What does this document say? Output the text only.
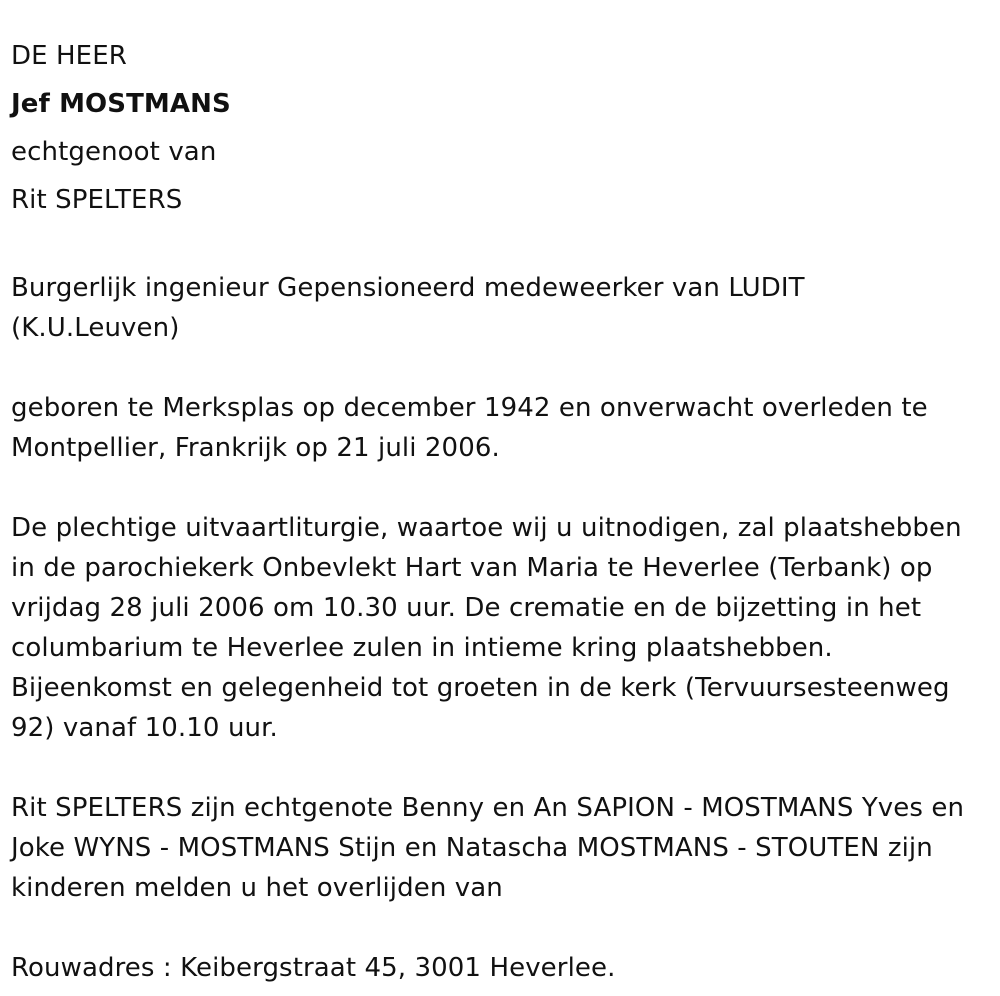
DE HEER
Jef MOSTMANS
echtgenoot van
Rit SPELTERS

Burgerlijk ingenieur Gepensioneerd medeweerker van LUDIT
(K.U.Leuven)

geboren te Merksplas op december 1942 en onverwacht overleden te
Montpellier, Frankrijk op 21 juli 2006.

De plechtige uitvaartliturgie, waartoe wij u uitnodigen, zal plaatshebben
in de parochiekerk Onbevlekt Hart van Maria te Heverlee (Terbank) op
vrijdag 28 juli 2006 om 10.30 uur. De crematie en de bijzetting in het
columbarium te Heverlee zulen in intieme kring plaatshebben.
Bijeenkomst en gelegenheid tot groeten in de kerk (Tervuursesteenweg
92) vanaf 10.10 uur.

Rit SPELTERS zijn echtgenote Benny en An SAPION - MOSTMANS Yves en
Joke WYNS - MOSTMANS Stijn en Natascha MOSTMANS - STOUTEN zijn
kinderen melden u het overlijden van

Rouwadres : Keibergstraat 45, 3001 Heverlee.
